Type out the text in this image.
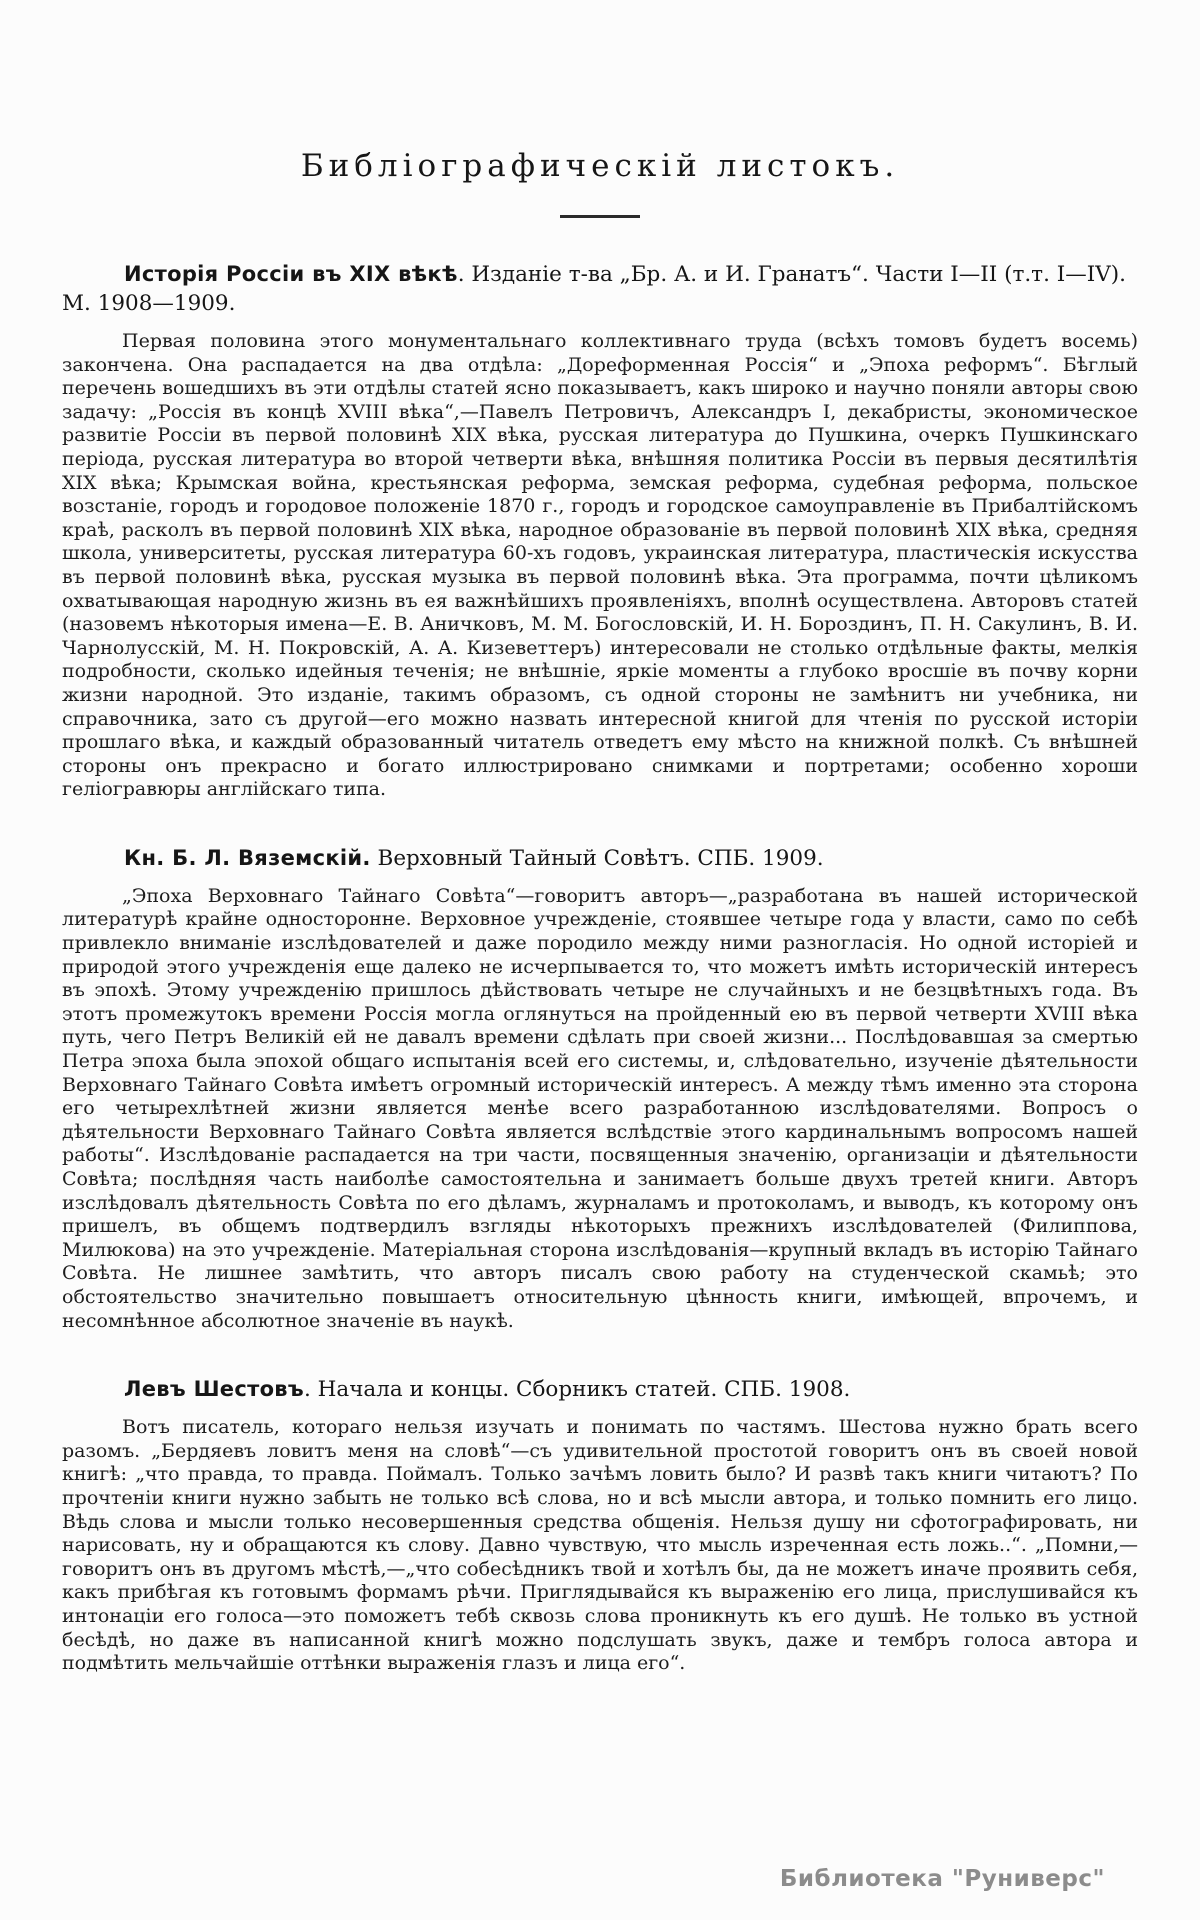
Библіографическій листокъ.

Исторія Россіи въ XIX вѣкѣ. Изданіе т-ва „Бр. А. и И. Гранатъ“. Части I—II (т.т. I—IV). М. 1908—1909.

Первая половина этого монументальнаго коллективнаго труда (всѣхъ томовъ будетъ восемь) закончена. Она распадается на два отдѣла: „Дореформенная Россія“ и „Эпоха реформъ“. Бѣглый перечень вошедшихъ въ эти отдѣлы статей ясно показываетъ, какъ широко и научно поняли авторы свою задачу: „Россія въ концѣ XVIII вѣка“,—Павелъ Петровичъ, Александръ I, декабристы, экономическое развитіе Россіи въ первой половинѣ XIX вѣка, русская литература до Пушкина, очеркъ Пушкинскаго періода, русская литература во второй четверти вѣка, внѣшняя политика Россіи въ первыя десятилѣтія XIX вѣка; Крымская война, крестьянская реформа, земская реформа, судебная реформа, польское возстаніе, городъ и городовое положеніе 1870 г., городъ и городское самоуправленіе въ Прибалтійскомъ краѣ, расколъ въ первой половинѣ XIX вѣка, народное образованіе въ первой половинѣ XIX вѣка, средняя школа, университеты, русская литература 60-хъ годовъ, украинская литература, пластическія искусства въ первой половинѣ вѣка, русская музыка въ первой половинѣ вѣка. Эта программа, почти цѣликомъ охватывающая народную жизнь въ ея важнѣйшихъ проявленіяхъ, вполнѣ осуществлена. Авторовъ статей (назовемъ нѣкоторыя имена—Е. В. Аничковъ, М. М. Богословскій, И. Н. Бороздинъ, П. Н. Сакулинъ, В. И. Чарнолусскій, М. Н. Покровскій, А. А. Кизеветтеръ) интересовали не столько отдѣльные факты, мелкія подробности, сколько идейныя теченія; не внѣшніе, яркіе моменты а глубоко вросшіе въ почву корни жизни народной. Это изданіе, такимъ образомъ, съ одной стороны не замѣнитъ ни учебника, ни справочника, зато съ другой—его можно назвать интересной книгой для чтенія по русской исторіи прошлаго вѣка, и каждый образованный читатель отведетъ ему мѣсто на книжной полкѣ. Съ внѣшней стороны онъ прекрасно и богато иллюстрировано снимками и портретами; особенно хороши геліогравюры англійскаго типа.

Кн. Б. Л. Вяземскій. Верховный Тайный Совѣтъ. СПБ. 1909.

„Эпоха Верховнаго Тайнаго Совѣта“—говоритъ авторъ—„разработана въ нашей исторической литературѣ крайне односторонне. Верховное учрежденіе, стоявшее четыре года у власти, само по себѣ привлекло вниманіе изслѣдователей и даже породило между ними разногласія. Но одной исторіей и природой этого учрежденія еще далеко не исчерпывается то, что можетъ имѣть историческій интересъ въ эпохѣ. Этому учрежденію пришлось дѣйствовать четыре не случайныхъ и не безцвѣтныхъ года. Въ этотъ промежутокъ времени Россія могла оглянуться на пройденный ею въ первой четверти XVIII вѣка путь, чего Петръ Великій ей не давалъ времени сдѣлать при своей жизни... Послѣдовавшая за смертью Петра эпоха была эпохой общаго испытанія всей его системы, и, слѣдовательно, изученіе дѣятельности Верховнаго Тайнаго Совѣта имѣетъ огромный историческій интересъ. А между тѣмъ именно эта сторона его четырехлѣтней жизни является менѣе всего разработанною изслѣдователями. Вопросъ о дѣятельности Верховнаго Тайнаго Совѣта является вслѣдствіе этого кардинальнымъ вопросомъ нашей работы“. Изслѣдованіе распадается на три части, посвященныя значенію, организаціи и дѣятельности Совѣта; послѣдняя часть наиболѣе самостоятельна и занимаетъ больше двухъ третей книги. Авторъ изслѣдовалъ дѣятельность Совѣта по его дѣламъ, журналамъ и протоколамъ, и выводъ, къ которому онъ пришелъ, въ общемъ подтвердилъ взгляды нѣкоторыхъ прежнихъ изслѣдователей (Филиппова, Милюкова) на это учрежденіе. Матеріальная сторона изслѣдованія—крупный вкладъ въ исторію Тайнаго Совѣта. Не лишнее замѣтить, что авторъ писалъ свою работу на студенческой скамьѣ; это обстоятельство значительно повышаетъ относительную цѣнность книги, имѣющей, впрочемъ, и несомнѣнное абсолютное значеніе въ наукѣ.

Левъ Шестовъ. Начала и концы. Сборникъ статей. СПБ. 1908.

Вотъ писатель, котораго нельзя изучать и понимать по частямъ. Шестова нужно брать всего разомъ. „Бердяевъ ловитъ меня на словѣ“—съ удивительной простотой говоритъ онъ въ своей новой книгѣ: „что правда, то правда. Поймалъ. Только зачѣмъ ловить было? И развѣ такъ книги читаютъ? По прочтеніи книги нужно забыть не только всѣ слова, но и всѣ мысли автора, и только помнить его лицо. Вѣдь слова и мысли только несовершенныя средства общенія. Нельзя душу ни сфотографировать, ни нарисовать, ну и обращаются къ слову. Давно чувствую, что мысль изреченная есть ложь..“. „Помни,—говоритъ онъ въ другомъ мѣстѣ,—„что собесѣдникъ твой и хотѣлъ бы, да не можетъ иначе проявить себя, какъ прибѣгая къ готовымъ формамъ рѣчи. Приглядывайся къ выраженію его лица, прислушивайся къ интонаціи его голоса—это поможетъ тебѣ сквозь слова проникнуть къ его душѣ. Не только въ устной бесѣдѣ, но даже въ написанной книгѣ можно подслушать звукъ, даже и тембръ голоса автора и подмѣтить мельчайшіе оттѣнки выраженія глазъ и лица его“.

Библиотека "Руниверс"
